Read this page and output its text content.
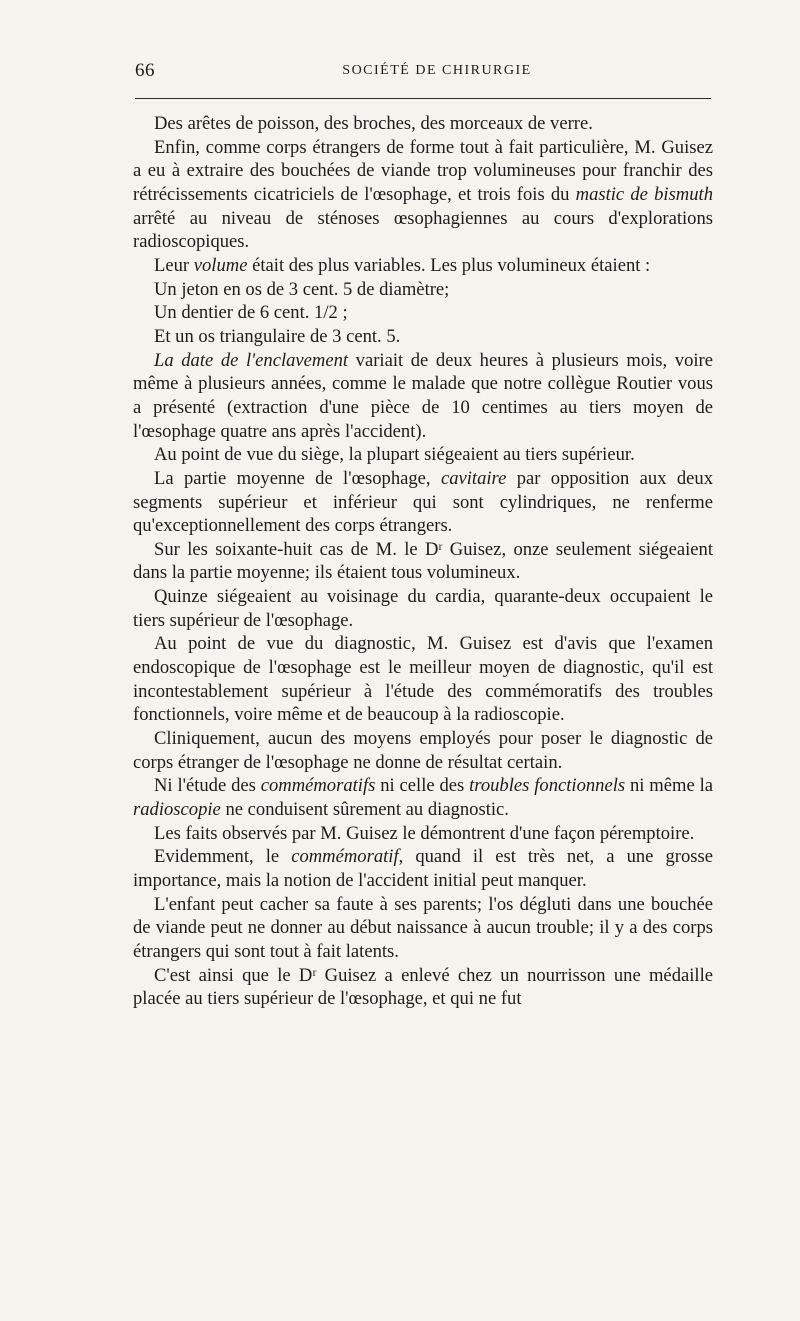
66	SOCIÉTÉ DE CHIRURGIE

Des arêtes de poisson, des broches, des morceaux de verre.

Enfin, comme corps étrangers de forme tout à fait particulière, M. Guisez a eu à extraire des bouchées de viande trop volumineuses pour franchir des rétrécissements cicatriciels de l'œsophage, et trois fois du mastic de bismuth arrêté au niveau de sténoses œsophagiennes au cours d'explorations radioscopiques.

Leur volume était des plus variables. Les plus volumineux étaient :

Un jeton en os de 3 cent. 5 de diamètre;

Un dentier de 6 cent. 1/2 ;

Et un os triangulaire de 3 cent. 5.

La date de l'enclavement variait de deux heures à plusieurs mois, voire même à plusieurs années, comme le malade que notre collègue Routier vous a présenté (extraction d'une pièce de 10 centimes au tiers moyen de l'œsophage quatre ans après l'accident).

Au point de vue du siège, la plupart siégeaient au tiers supérieur.

La partie moyenne de l'œsophage, cavitaire par opposition aux deux segments supérieur et inférieur qui sont cylindriques, ne renferme qu'exceptionnellement des corps étrangers.

Sur les soixante-huit cas de M. le Dʳ Guisez, onze seulement siégeaient dans la partie moyenne; ils étaient tous volumineux.

Quinze siégeaient au voisinage du cardia, quarante-deux occupaient le tiers supérieur de l'œsophage.

Au point de vue du diagnostic, M. Guisez est d'avis que l'examen endoscopique de l'œsophage est le meilleur moyen de diagnostic, qu'il est incontestablement supérieur à l'étude des commémoratifs des troubles fonctionnels, voire même et de beaucoup à la radioscopie.

Cliniquement, aucun des moyens employés pour poser le diagnostic de corps étranger de l'œsophage ne donne de résultat certain.

Ni l'étude des commémoratifs ni celle des troubles fonctionnels ni même la radioscopie ne conduisent sûrement au diagnostic.

Les faits observés par M. Guisez le démontrent d'une façon péremptoire.

Evidemment, le commémoratif, quand il est très net, a une grosse importance, mais la notion de l'accident initial peut manquer.

L'enfant peut cacher sa faute à ses parents; l'os dégluti dans une bouchée de viande peut ne donner au début naissance à aucun trouble; il y a des corps étrangers qui sont tout à fait latents.

C'est ainsi que le Dʳ Guisez a enlevé chez un nourrisson une médaille placée au tiers supérieur de l'œsophage, et qui ne fut
